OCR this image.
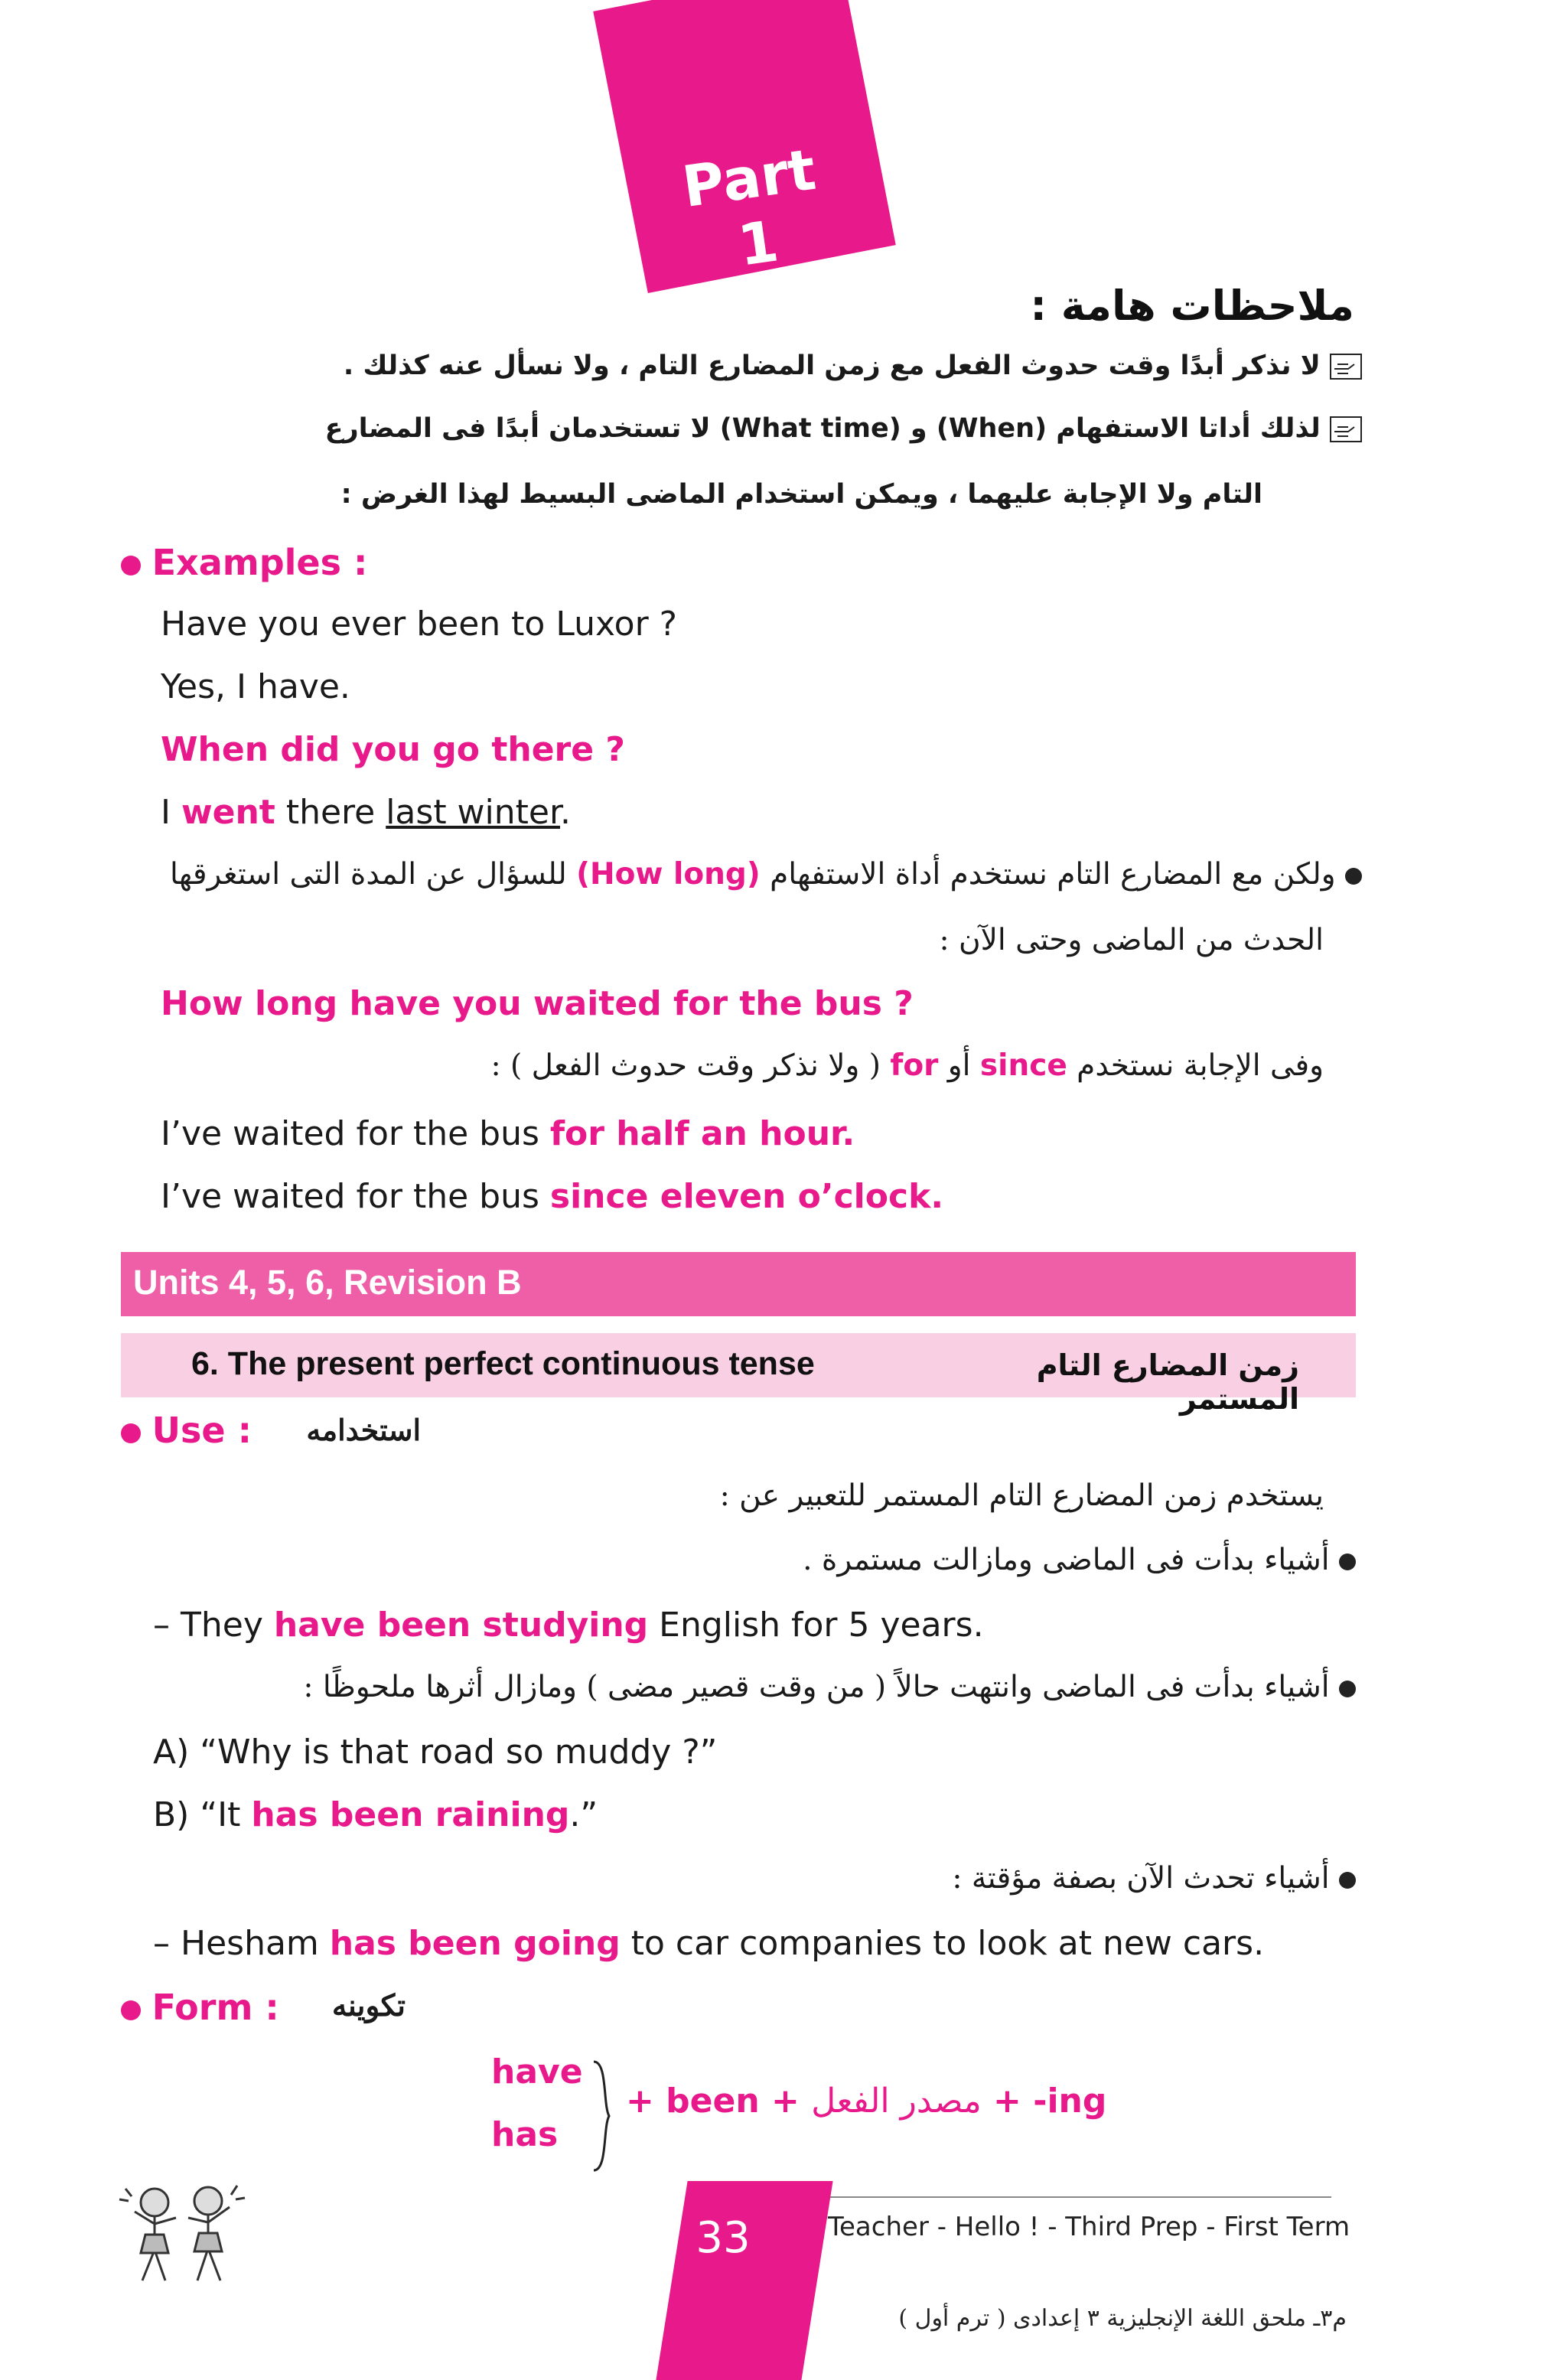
Part 1
ملاحظات هامة :
لا نذكر أبدًا وقت حدوث الفعل مع زمن المضارع التام ، ولا نسأل عنه كذلك .
لذلك أداتا الاستفهام (When) و (What time) لا تستخدمان أبدًا فى المضارع
التام ولا الإجابة عليهما ، ويمكن استخدام الماضى البسيط لهذا الغرض :
Examples :
Have you ever been to Luxor ?
Yes, I have.
When did you go there ?
I went there last winter.
ولكن مع المضارع التام نستخدم أداة الاستفهام (How long) للسؤال عن المدة التى استغرقها
الحدث من الماضى وحتى الآن :
How long have you waited for the bus ?
وفى الإجابة نستخدم since أو for ( ولا نذكر وقت حدوث الفعل ) :
I’ve waited for the bus for half an hour.
I’ve waited for the bus since eleven o’clock.
Units 4, 5, 6, Revision B
6. The present perfect continuous tense	زمن المضارع التام المستمر
Use :	استخدامه
يستخدم زمن المضارع التام المستمر للتعبير عن :
أشياء بدأت فى الماضى ومازالت مستمرة .
– They have been studying English for 5 years.
أشياء بدأت فى الماضى وانتهت حالاً ( من وقت قصير مضى ) ومازال أثرها ملحوظًا :
A) “Why is that road so muddy ?”
B) “It has been raining.”
أشياء تحدث الآن بصفة مؤقتة :
– Hesham has been going to car companies to look at new cars.
Form :	تكوينه
have
has
+ been + مصدر الفعل + -ing
33	Teacher - Hello ! - Third Prep - First Term
م٣ـ ملحق اللغة الإنجليزية ٣ إعدادى ( ترم أول )
